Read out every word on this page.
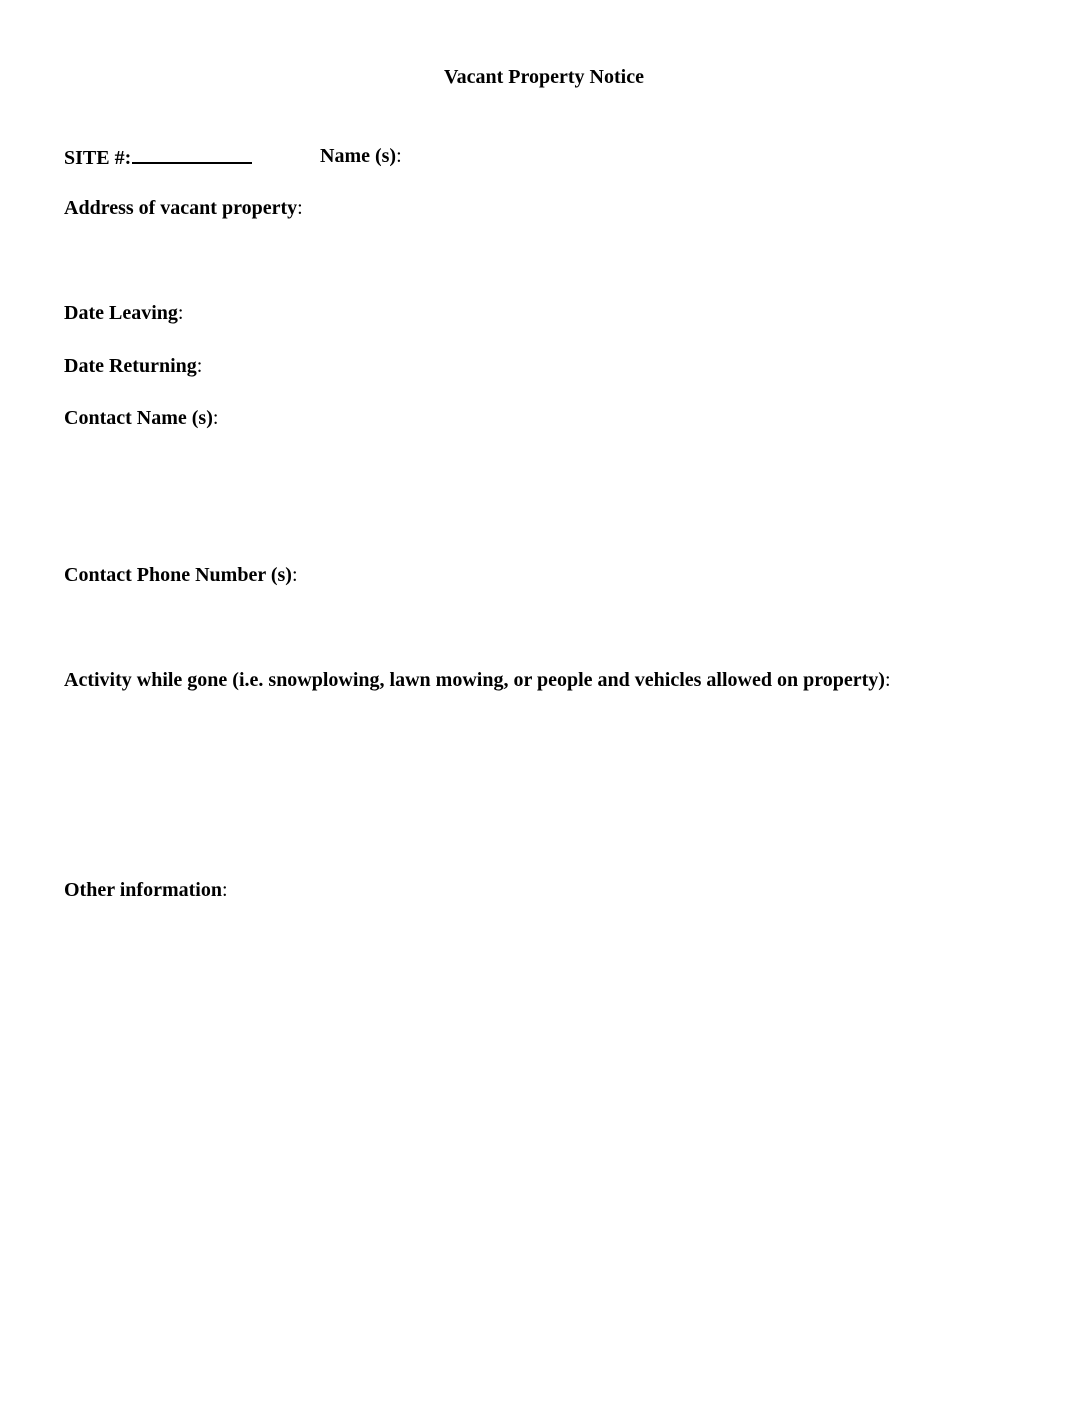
Vacant Property Notice
SITE #:	Name (s):
Address of vacant property:
Date Leaving:
Date Returning:
Contact Name (s):
Contact Phone Number (s):
Activity while gone (i.e. snowplowing, lawn mowing, or people and vehicles allowed on property):
Other information:
